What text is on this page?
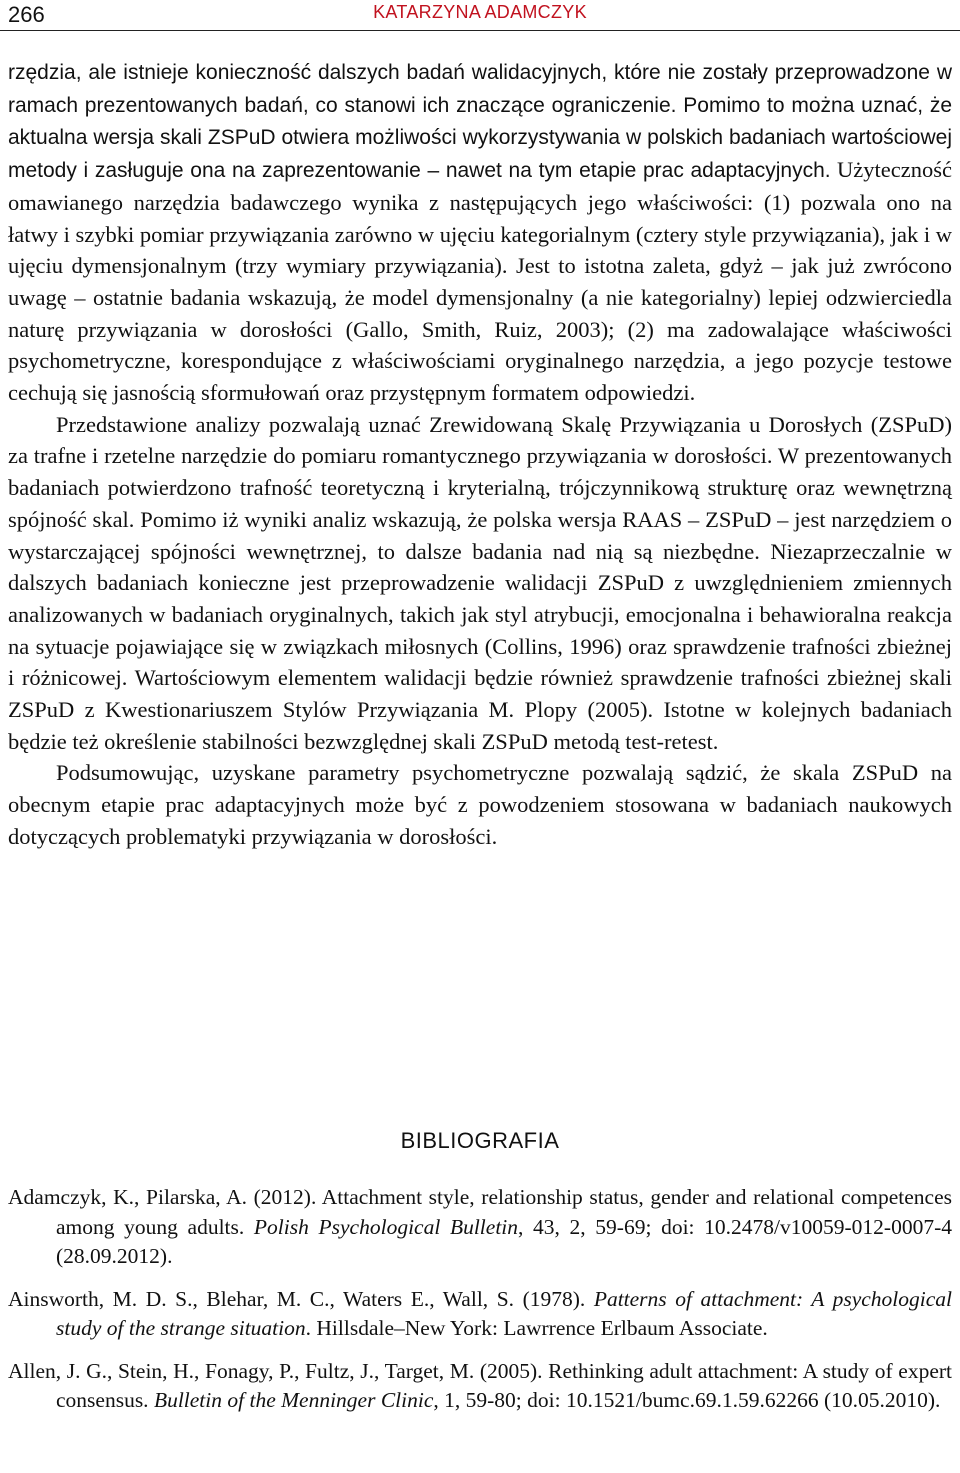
266	KATARZYNA ADAMCZYK

rzędzia, ale istnieje konieczność dalszych badań walidacyjnych, które nie zostały przeprowadzone w ramach prezentowanych badań, co stanowi ich znaczące ograniczenie. Pomimo to można uznać, że aktualna wersja skali ZSPuD otwiera możliwości wykorzystywania w polskich badaniach wartościowej metody i zasługuje ona na zaprezentowanie – nawet na tym etapie prac adaptacyjnych. Użyteczność omawianego narzędzia badawczego wynika z następujących jego właściwości: (1) pozwala ono na łatwy i szybki pomiar przywiązania zarówno w ujęciu kategorialnym (cztery style przywiązania), jak i w ujęciu dymensjonalnym (trzy wymiary przywiązania). Jest to istotna zaleta, gdyż – jak już zwrócono uwagę – ostatnie badania wskazują, że model dymensjonalny (a nie kategorialny) lepiej odzwierciedla naturę przywiązania w dorosłości (Gallo, Smith, Ruiz, 2003); (2) ma zadowalające właściwości psychometryczne, korespondujące z właściwościami oryginalnego narzędzia, a jego pozycje testowe cechują się jasnością sformułowań oraz przystępnym formatem odpowiedzi.

Przedstawione analizy pozwalają uznać Zrewidowaną Skalę Przywiązania u Dorosłych (ZSPuD) za trafne i rzetelne narzędzie do pomiaru romantycznego przywiązania w dorosłości. W prezentowanych badaniach potwierdzono trafność teoretyczną i kryterialną, trójczynnikową strukturę oraz wewnętrzną spójność skal. Pomimo iż wyniki analiz wskazują, że polska wersja RAAS – ZSPuD – jest narzędziem o wystarczającej spójności wewnętrznej, to dalsze badania nad nią są niezbędne. Niezaprzeczalnie w dalszych badaniach konieczne jest przeprowadzenie walidacji ZSPuD z uwzględnieniem zmiennych analizowanych w badaniach oryginalnych, takich jak styl atrybucji, emocjonalna i behawioralna reakcja na sytuacje pojawiające się w związkach miłosnych (Collins, 1996) oraz sprawdzenie trafności zbieżnej i różnicowej. Wartościowym elementem walidacji będzie również sprawdzenie trafności zbieżnej skali ZSPuD z Kwestionariuszem Stylów Przywiązania M. Plopy (2005). Istotne w kolejnych badaniach będzie też określenie stabilności bezwzględnej skali ZSPuD metodą test-retest.

Podsumowując, uzyskane parametry psychometryczne pozwalają sądzić, że skala ZSPuD na obecnym etapie prac adaptacyjnych może być z powodzeniem stosowana w badaniach naukowych dotyczących problematyki przywiązania w dorosłości.

BIBLIOGRAFIA

Adamczyk, K., Pilarska, A. (2012). Attachment style, relationship status, gender and relational competences among young adults. Polish Psychological Bulletin, 43, 2, 59-69; doi: 10.2478/v10059-012-0007-4 (28.09.2012).

Ainsworth, M. D. S., Blehar, M. C., Waters E., Wall, S. (1978). Patterns of attachment: A psychological study of the strange situation. Hillsdale–New York: Lawrrence Erlbaum Associate.

Allen, J. G., Stein, H., Fonagy, P., Fultz, J., Target, M. (2005). Rethinking adult attachment: A study of expert consensus. Bulletin of the Menninger Clinic, 1, 59-80; doi: 10.1521/bumc.69.1.59.62266 (10.05.2010).
